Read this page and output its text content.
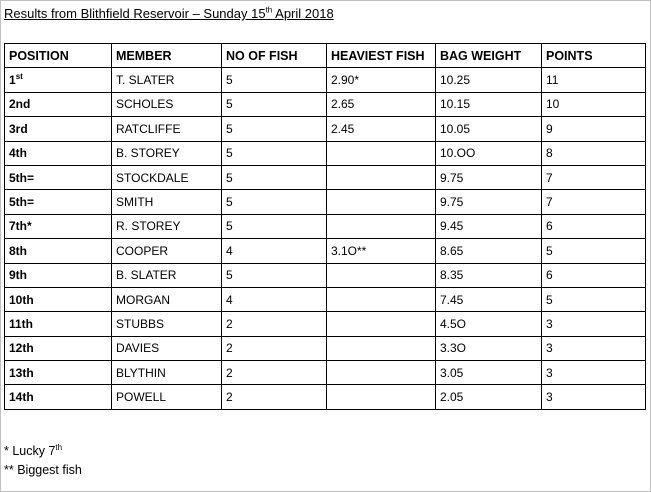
Results from Blithfield Reservoir – Sunday 15th April 2018
POSITION	MEMBER	NO OF FISH	HEAVIEST FISH	BAG WEIGHT	POINTS
1st	T. SLATER	5	2.90*	10.25	11
2nd	SCHOLES	5	2.65	10.15	10
3rd	RATCLIFFE	5	2.45	10.05	9
4th	B. STOREY	5		10.OO	8
5th=	STOCKDALE	5		9.75	7
5th=	SMITH	5		9.75	7
7th*	R. STOREY	5		9.45	6
8th	COOPER	4	3.1O**	8.65	5
9th	B. SLATER	5		8.35	6
10th	MORGAN	4		7.45	5
11th	STUBBS	2		4.5O	3
12th	DAVIES	2		3.3O	3
13th	BLYTHIN	2		3.05	3
14th	POWELL	2		2.05	3
* Lucky 7th
** Biggest fish
